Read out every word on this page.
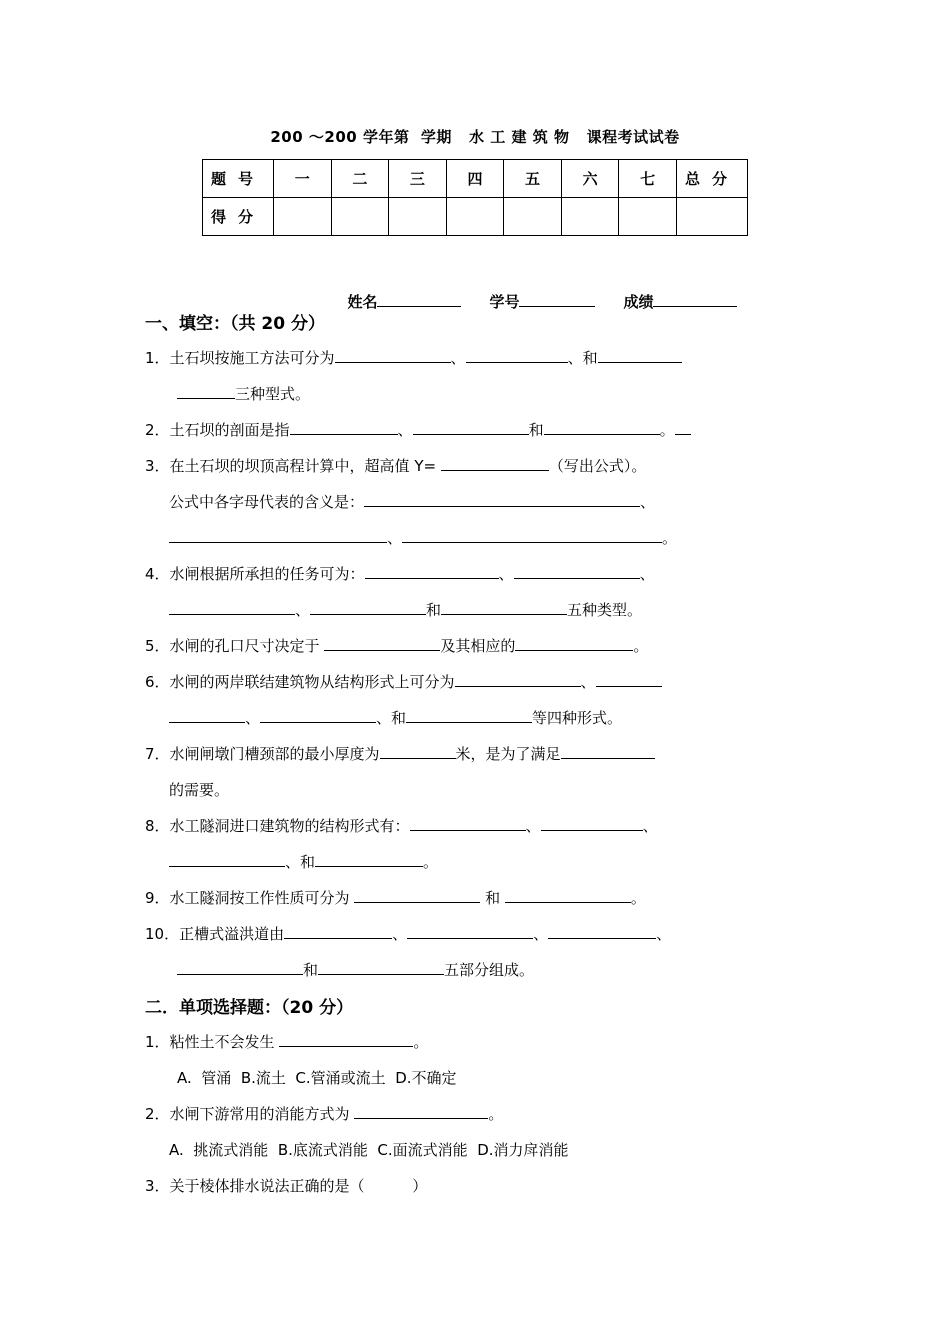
200 ～200 学年第  学期   水 工 建 筑 物   课程考试试卷
题号	一	二	三	四	五	六	七	总分
得分								

姓名	学号	成绩

一、填空：（共 20 分）
1．土石坝按施工方法可分为	、	、和
三种型式。
2．土石坝的剖面是指	、	和	。
3．在土石坝的坝顶高程计算中，超高值 Y=	（写出公式）。
公式中各字母代表的含义是：	、
、	。
4．水闸根据所承担的任务可为：	、	、
、	和	五种类型。
5．水闸的孔口尺寸决定于	及其相应的	。
6．水闸的两岸联结建筑物从结构形式上可分为	、
、	、和	等四种形式。
7．水闸闸墩门槽颈部的最小厚度为	米，是为了满足
的需要。
8．水工隧洞进口建筑物的结构形式有：	、	、
、和	。
9．水工隧洞按工作性质可分为	和	。
10．正槽式溢洪道由	、	、	、
和	五部分组成。
二．单项选择题：（20 分）
1．粘性土不会发生	。
A.  管涌  B.流土  C.管涌或流土  D.不确定
2．水闸下游常用的消能方式为	。
A.  挑流式消能  B.底流式消能  C.面流式消能  D.消力戽消能
3．关于棱体排水说法正确的是（          ）
